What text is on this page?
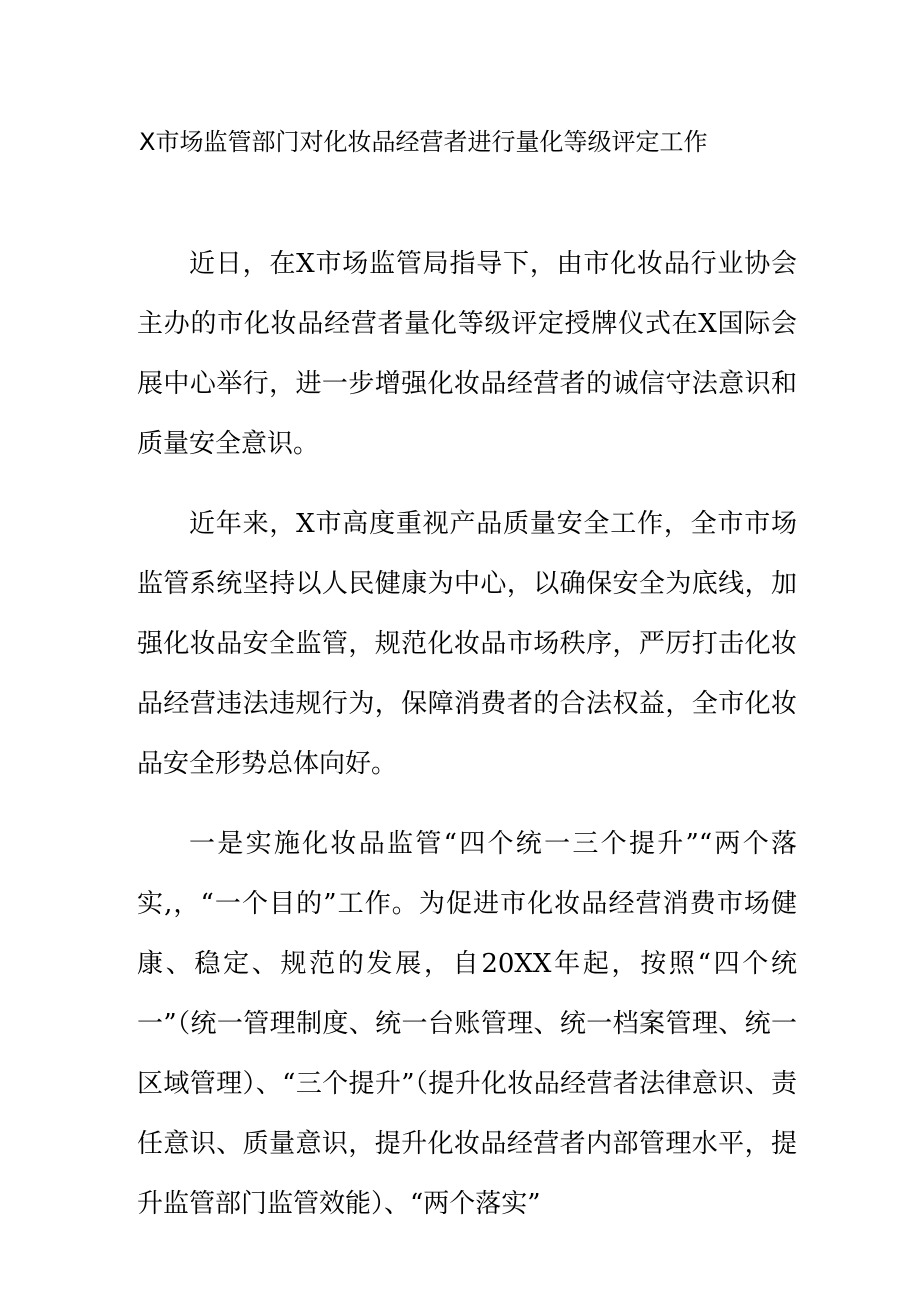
X市场监管部门对化妆品经营者进行量化等级评定工作

近日，在X市场监管局指导下，由市化妆品行业协会主办的市化妆品经营者量化等级评定授牌仪式在X国际会展中心举行，进一步增强化妆品经营者的诚信守法意识和质量安全意识。

近年来，X市高度重视产品质量安全工作，全市市场监管系统坚持以人民健康为中心，以确保安全为底线，加强化妆品安全监管，规范化妆品市场秩序，严厉打击化妆品经营违法违规行为，保障消费者的合法权益，全市化妆品安全形势总体向好。

一是实施化妆品监管“四个统一三个提升”“两个落实,，“一个目的”工作。为促进市化妆品经营消费市场健康、稳定、规范的发展，自20XX年起，按照“四个统一”（统一管理制度、统一台账管理、统一档案管理、统一区域管理）、“三个提升”（提升化妆品经营者法律意识、责任意识、质量意识，提升化妆品经营者内部管理水平，提升监管部门监管效能）、“两个落实”
